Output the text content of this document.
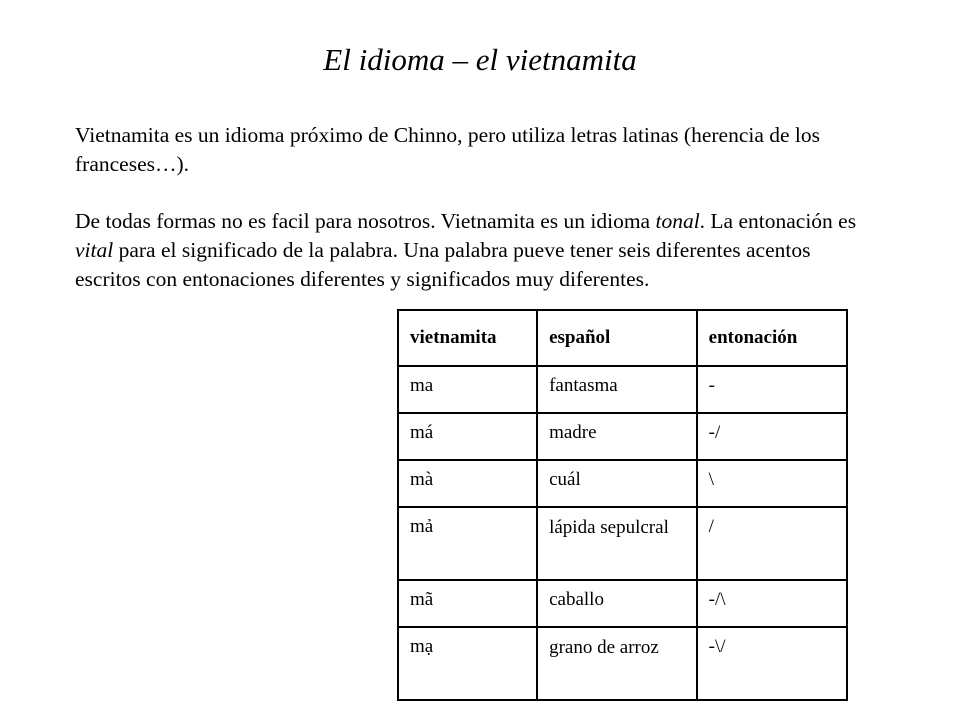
El idioma – el vietnamita

Vietnamita es un idioma próximo de Chinno, pero utiliza letras latinas (herencia de los franceses…).

De todas formas no es facil para nosotros. Vietnamita es un idioma tonal. La entonación es vital para el significado de la palabra. Una palabra pueve tener seis diferentes acentos escritos con entonaciones diferentes y significados muy diferentes.

vietnamita	español	entonación

ma	fantasma	-

má	madre	-/

mà	cuál	\

mả	lápida sepulcral	/

mã	caballo	-/\

mạ	grano de arroz	-\/
